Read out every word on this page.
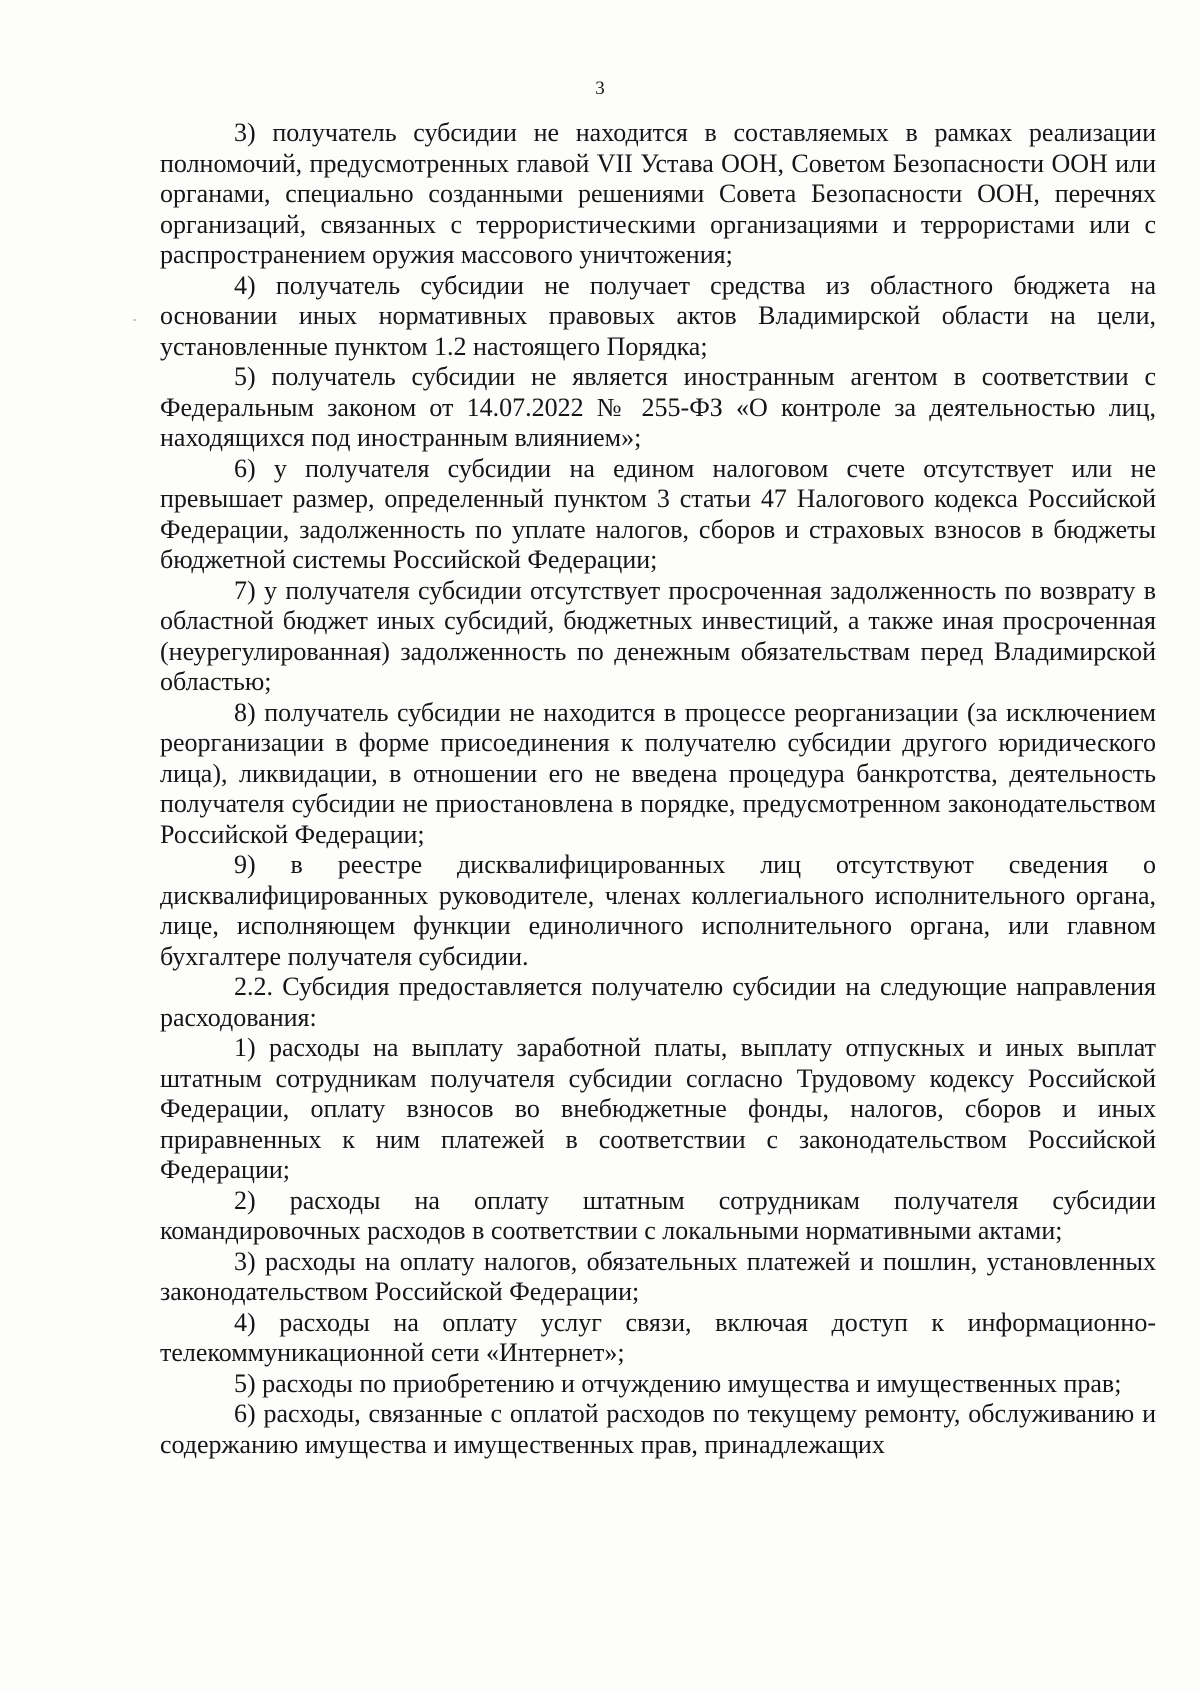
3

3) получатель субсидии не находится в составляемых в рамках реализации полномочий, предусмотренных главой VII Устава ООН, Советом Безопасности ООН или органами, специально созданными решениями Совета Безопасности ООН, перечнях организаций, связанных с террористическими организациями и террористами или с распространением оружия массового уничтожения;

4) получатель субсидии не получает средства из областного бюджета на основании иных нормативных правовых актов Владимирской области на цели, установленные пунктом 1.2 настоящего Порядка;

5) получатель субсидии не является иностранным агентом в соответствии с Федеральным законом от 14.07.2022 № 255-ФЗ «О контроле за деятельностью лиц, находящихся под иностранным влиянием»;

6) у получателя субсидии на едином налоговом счете отсутствует или не превышает размер, определенный пунктом 3 статьи 47 Налогового кодекса Российской Федерации, задолженность по уплате налогов, сборов и страховых взносов в бюджеты бюджетной системы Российской Федерации;

7) у получателя субсидии отсутствует просроченная задолженность по возврату в областной бюджет иных субсидий, бюджетных инвестиций, а также иная просроченная (неурегулированная) задолженность по денежным обязательствам перед Владимирской областью;

8) получатель субсидии не находится в процессе реорганизации (за исключением реорганизации в форме присоединения к получателю субсидии другого юридического лица), ликвидации, в отношении его не введена процедура банкротства, деятельность получателя субсидии не приостановлена в порядке, предусмотренном законодательством Российской Федерации;

9) в реестре дисквалифицированных лиц отсутствуют сведения о дисквалифицированных руководителе, членах коллегиального исполнительного органа, лице, исполняющем функции единоличного исполнительного органа, или главном бухгалтере получателя субсидии.

2.2. Субсидия предоставляется получателю субсидии на следующие направления расходования:

1) расходы на выплату заработной платы, выплату отпускных и иных выплат штатным сотрудникам получателя субсидии согласно Трудовому кодексу Российской Федерации, оплату взносов во внебюджетные фонды, налогов, сборов и иных приравненных к ним платежей в соответствии с законодательством Российской Федерации;

2) расходы на оплату штатным сотрудникам получателя субсидии командировочных расходов в соответствии с локальными нормативными актами;

3) расходы на оплату налогов, обязательных платежей и пошлин, установленных законодательством Российской Федерации;

4) расходы на оплату услуг связи, включая доступ к информационно-телекоммуникационной сети «Интернет»;

5) расходы по приобретению и отчуждению имущества и имущественных прав;

6) расходы, связанные с оплатой расходов по текущему ремонту, обслуживанию и содержанию имущества и имущественных прав, принадлежащих
